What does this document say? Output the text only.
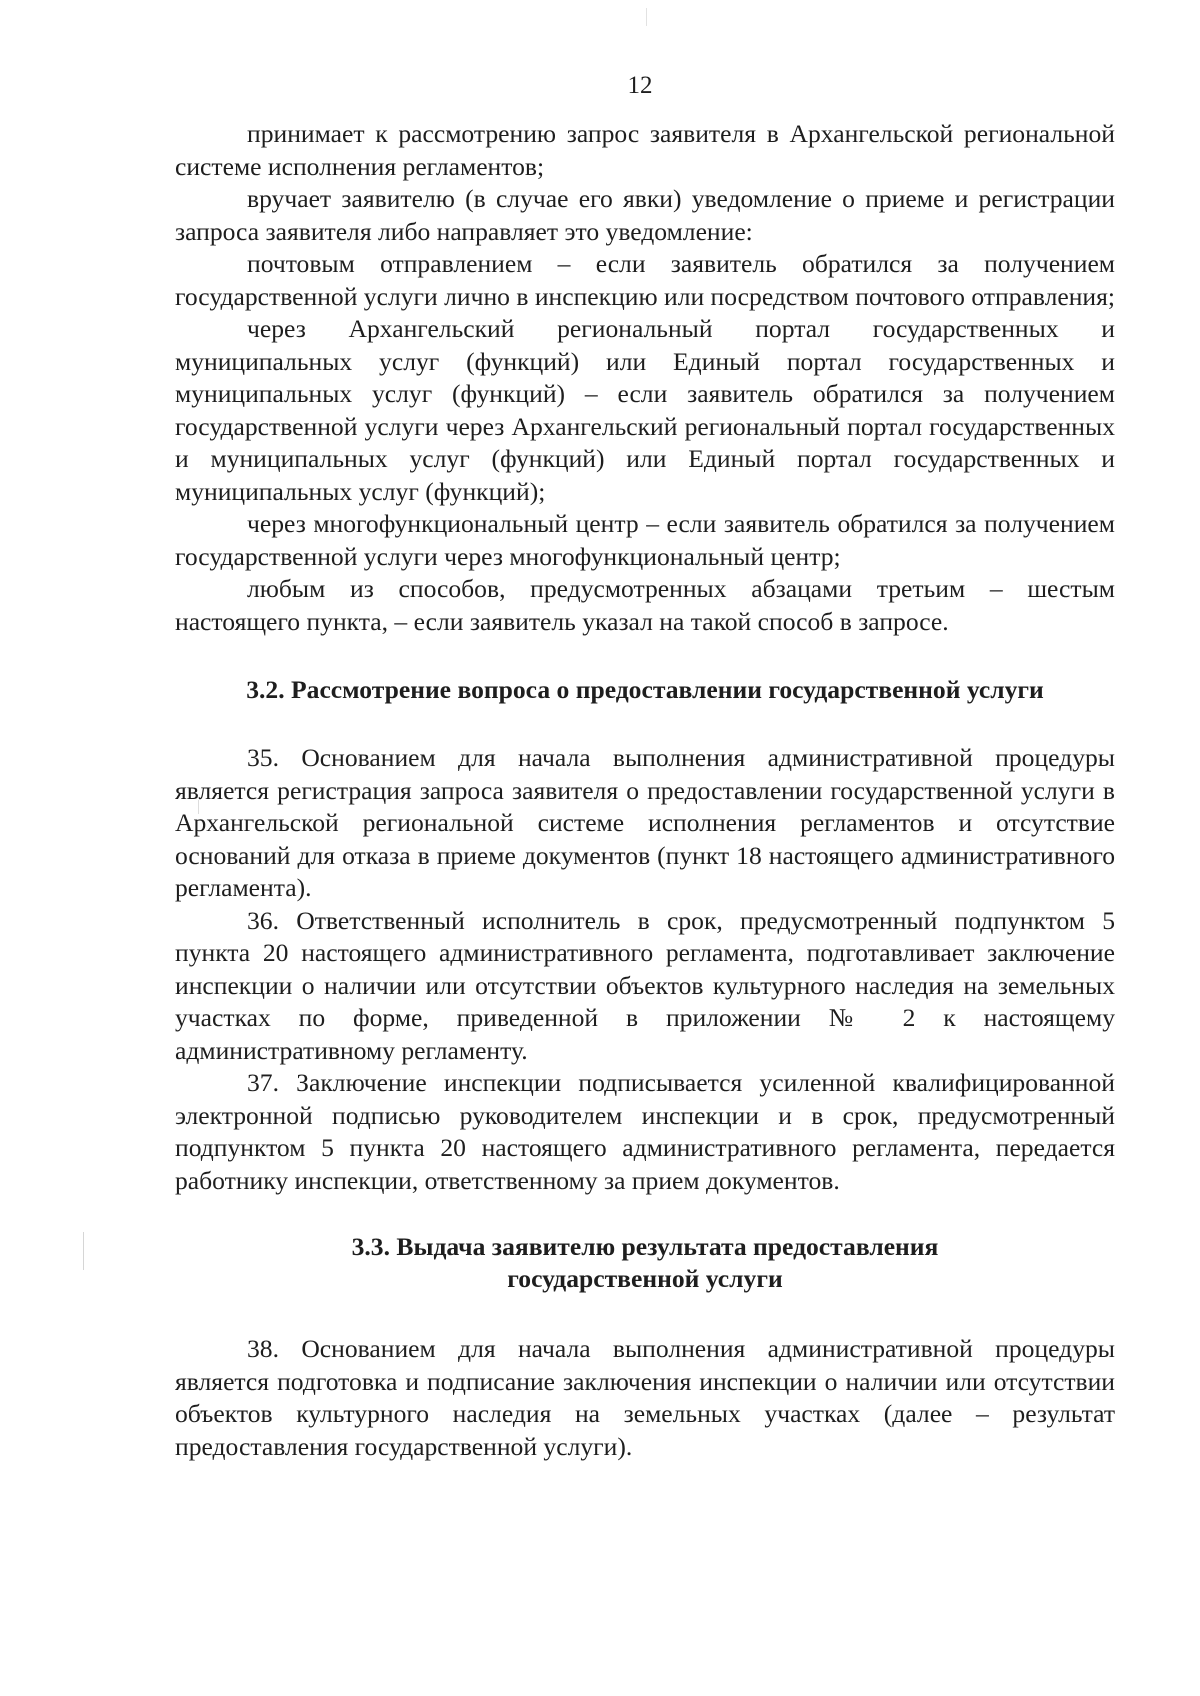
12

принимает к рассмотрению запрос заявителя в Архангельской региональной системе исполнения регламентов;

вручает заявителю (в случае его явки) уведомление о приеме и регистрации запроса заявителя либо направляет это уведомление:

почтовым отправлением – если заявитель обратился за получением государственной услуги лично в инспекцию или посредством почтового отправления;

через Архангельский региональный портал государственных и муниципальных услуг (функций) или Единый портал государственных и муниципальных услуг (функций) – если заявитель обратился за получением государственной услуги через Архангельский региональный портал государственных и муниципальных услуг (функций) или Единый портал государственных и муниципальных услуг (функций);

через многофункциональный центр – если заявитель обратился за получением государственной услуги через многофункциональный центр;

любым из способов, предусмотренных абзацами третьим – шестым настоящего пункта, – если заявитель указал на такой способ в запросе.

3.2. Рассмотрение вопроса о предоставлении государственной услуги

35. Основанием для начала выполнения административной процедуры является регистрация запроса заявителя о предоставлении государственной услуги в Архангельской региональной системе исполнения регламентов и отсутствие оснований для отказа в приеме документов (пункт 18 настоящего административного регламента).

36. Ответственный исполнитель в срок, предусмотренный подпунктом 5 пункта 20 настоящего административного регламента, подготавливает заключение инспекции о наличии или отсутствии объектов культурного наследия на земельных участках по форме, приведенной в приложении № 2 к настоящему административному регламенту.

37. Заключение инспекции подписывается усиленной квалифицированной электронной подписью руководителем инспекции и в срок, предусмотренный подпунктом 5 пункта 20 настоящего административного регламента, передается работнику инспекции, ответственному за прием документов.

3.3. Выдача заявителю результата предоставления
государственной услуги

38. Основанием для начала выполнения административной процедуры является подготовка и подписание заключения инспекции о наличии или отсутствии объектов культурного наследия на земельных участках (далее – результат предоставления государственной услуги).
